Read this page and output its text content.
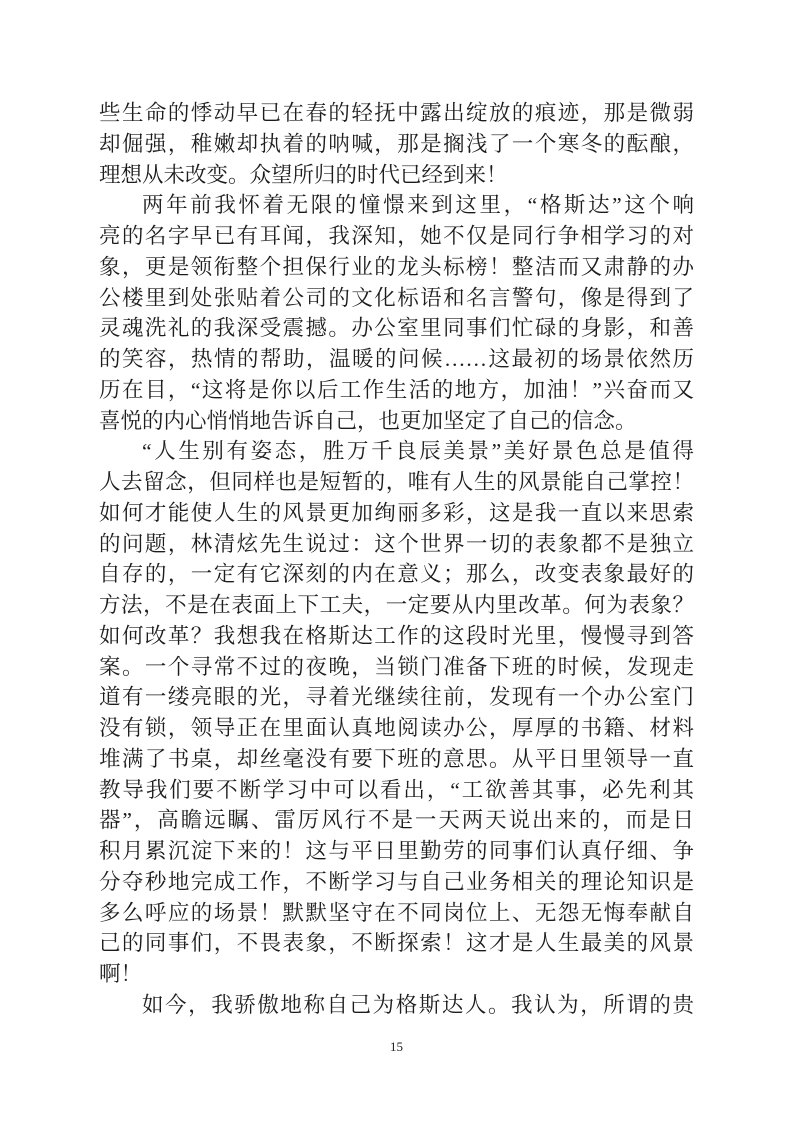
些生命的悸动早已在春的轻抚中露出绽放的痕迹，那是微弱
却倔强，稚嫩却执着的呐喊，那是搁浅了一个寒冬的酝酿，
理想从未改变。众望所归的时代已经到来！
两年前我怀着无限的憧憬来到这里，“格斯达”这个响
亮的名字早已有耳闻，我深知，她不仅是同行争相学习的对
象，更是领衔整个担保行业的龙头标榜！整洁而又肃静的办
公楼里到处张贴着公司的文化标语和名言警句，像是得到了
灵魂洗礼的我深受震撼。办公室里同事们忙碌的身影，和善
的笑容，热情的帮助，温暖的问候……这最初的场景依然历
历在目，“这将是你以后工作生活的地方，加油！”兴奋而又
喜悦的内心悄悄地告诉自己，也更加坚定了自己的信念。
“人生别有姿态，胜万千良辰美景”美好景色总是值得
人去留念，但同样也是短暂的，唯有人生的风景能自己掌控！
如何才能使人生的风景更加绚丽多彩，这是我一直以来思索
的问题，林清炫先生说过：这个世界一切的表象都不是独立
自存的，一定有它深刻的内在意义；那么，改变表象最好的
方法，不是在表面上下工夫，一定要从内里改革。何为表象？
如何改革？我想我在格斯达工作的这段时光里，慢慢寻到答
案。一个寻常不过的夜晚，当锁门准备下班的时候，发现走
道有一缕亮眼的光，寻着光继续往前，发现有一个办公室门
没有锁，领导正在里面认真地阅读办公，厚厚的书籍、材料
堆满了书桌，却丝毫没有要下班的意思。从平日里领导一直
教导我们要不断学习中可以看出，“工欲善其事，必先利其
器”，高瞻远瞩、雷厉风行不是一天两天说出来的，而是日
积月累沉淀下来的！这与平日里勤劳的同事们认真仔细、争
分夺秒地完成工作，不断学习与自己业务相关的理论知识是
多么呼应的场景！默默坚守在不同岗位上、无怨无悔奉献自
己的同事们，不畏表象，不断探索！这才是人生最美的风景
啊！
如今，我骄傲地称自己为格斯达人。我认为，所谓的贵
15
